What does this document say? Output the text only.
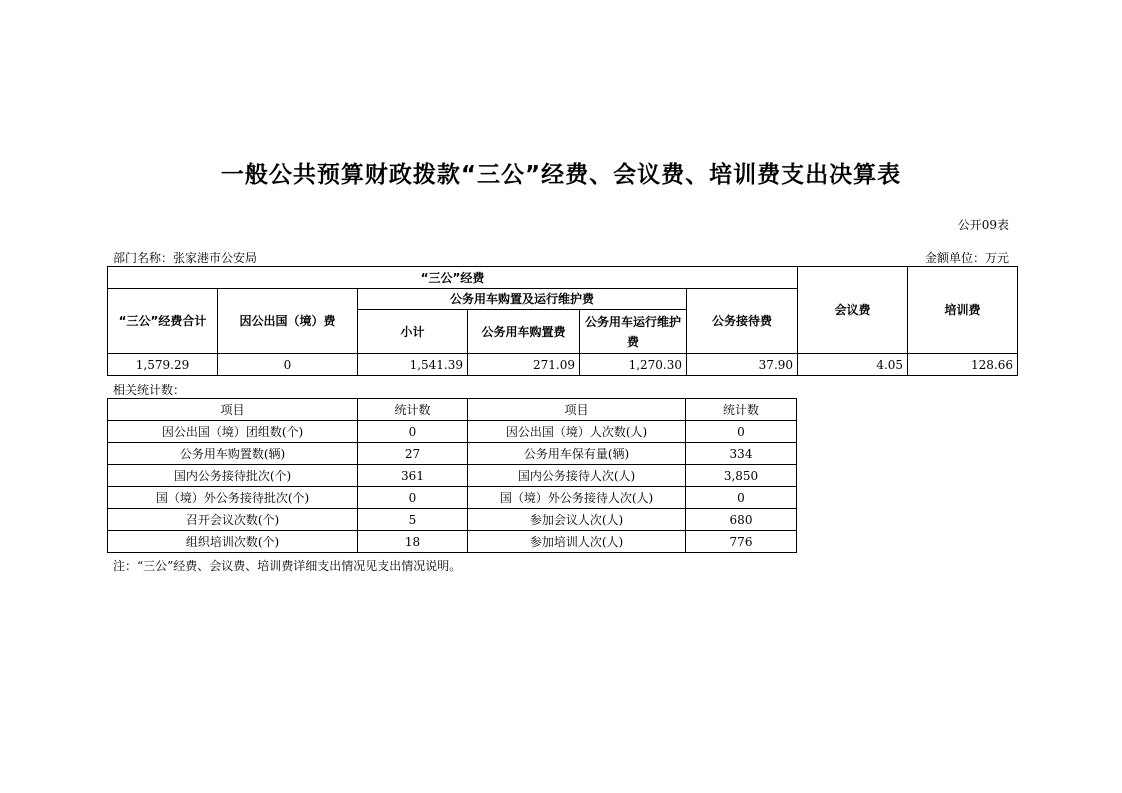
一般公共预算财政拨款“三公”经费、会议费、培训费支出决算表
公开09表
部门名称：张家港市公安局	金额单位：万元
“三公”经费						会议费	培训费
“三公”经费合计	因公出国（境）费	公务用车购置及运行维护费			公务接待费		
		小计	公务用车购置费	公务用车运行维护费			
1,579.29	0	1,541.39	271.09	1,270.30	37.90	4.05	128.66
相关统计数：
项目	统计数	项目	统计数
因公出国（境）团组数(个)	0	因公出国（境）人次数(人)	0
公务用车购置数(辆)	27	公务用车保有量(辆)	334
国内公务接待批次(个)	361	国内公务接待人次(人)	3,850
国（境）外公务接待批次(个)	0	国（境）外公务接待人次(人)	0
召开会议次数(个)	5	参加会议人次(人)	680
组织培训次数(个)	18	参加培训人次(人)	776
注：“三公”经费、会议费、培训费详细支出情况见支出情况说明。
